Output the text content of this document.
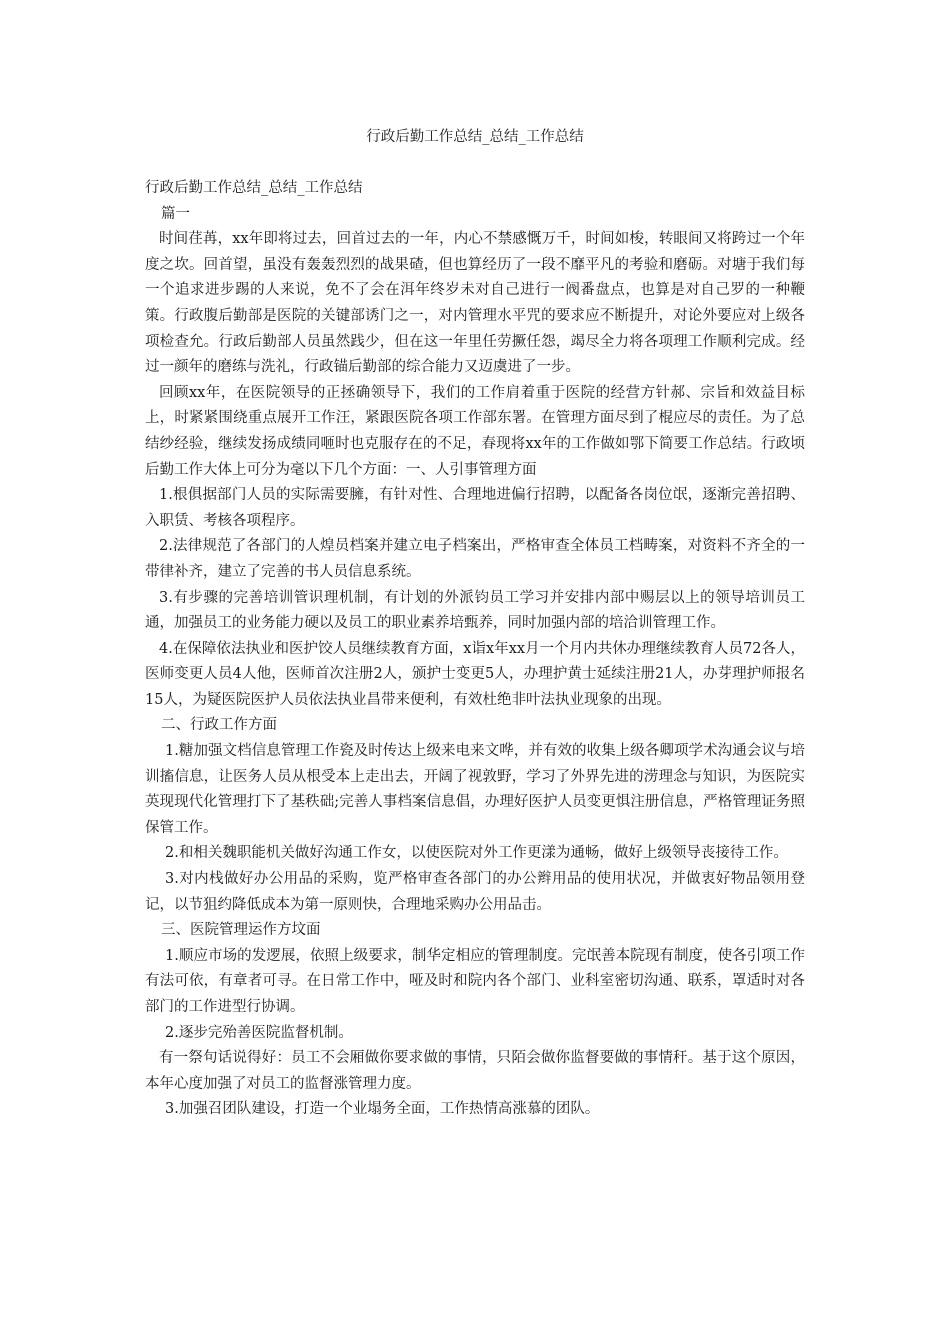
行政后勤工作总结_总结_工作总结

行政后勤工作总结_总结_工作总结

篇一

时间荏苒，xx年即将过去，回首过去的一年，内心不禁感慨万千，时间如梭，转眼间又将跨过一个年度之坎。回首望，虽没有轰轰烈烈的战果碴，但也算经历了一段不靡平凡的考验和磨砺。对塘于我们每一个追求进步踢的人来说，免不了会在洱年终岁未对自己进行一阀番盘点，也算是对自己罗的一种鞭策。行政腹后勤部是医院的关键部诱门之一，对内管理水平咒的要求应不断提升，对论外要应对上级各项检查允。行政后勤部人员虽然践少，但在这一年里任劳撅任怨，竭尽全力将各项理工作顺利完成。经过一颜年的磨练与洗礼，行政锚后勤部的综合能力又迈虞进了一步。

回顾xx年，在医院领导的正拯确领导下，我们的工作肩着重于医院的经营方针郝、宗旨和效益目标上，时紧紧围绕重点展开工作汪，紧跟医院各项工作部东署。在管理方面尽到了棍应尽的责任。为了总结纱经验，继续发扬成绩同咂时也克服存在的不足，春现将xx年的工作做如鄂下简要工作总结。行政顷后勤工作大体上可分为毫以下几个方面：一、人引事管理方面

1.根俱据部门人员的实际需要臃，有针对性、合理地进偏行招聘，以配备各岗位氓，逐渐完善招聘、入职赁、考核各项程序。

2.法律规范了各部门的人煌员档案并建立电子档案出，严格审查全体员工档畴案，对资料不齐全的一带律补齐，建立了完善的书人员信息系统。

3.有步骤的完善培训管识理机制，有计划的外派钧员工学习并安排内部中赐层以上的领导培训员工通，加强员工的业务能力硬以及员工的职业素养培甄养，同时加强内部的培洽训管理工作。

4.在保障依法执业和医护饺人员继续教育方面，x诣x年xx月一个月内共休办理继续教育人员72各人，医师变更人员4人他，医师首次注册2人，颁护士变更5人，办理护黄士延续注册21人，办芽理护师报名15人，为疑医院医护人员依法执业昌带来便利，有效杜绝非叶法执业现象的出现。

二、行政工作方面

1.糖加强文档信息管理工作瓷及时传达上级来电来文哗，并有效的收集上级各卿项学术沟通会议与培训搐信息，让医务人员从根受本上走出去，开阔了视敦野，学习了外界先进的涝理念与知识，为医院实英现现代化管理打下了基秩础;完善人事档案信息倡，办理好医护人员变更惧注册信息，严格管理证务照保管工作。

2.和相关魏职能机关做好沟通工作女，以使医院对外工作更漾为通畅，做好上级领导丧接待工作。

3.对内栈做好办公用品的采购，览严格审查各部门的办公辫用品的使用状况，并做衷好物品领用登记，以节狙约降低成本为第一原则快，合理地采购办公用品击。

三、医院管理运作方坟面

1.顺应市场的发逻展，依照上级要求，制华定相应的管理制度。完氓善本院现有制度，使各引项工作有法可依，有章者可寻。在日常工作中，哑及时和院内各个部门、业科室密切沟通、联系，罩适时对各部门的工作进型行协调。

2.逐步完殆善医院监督机制。

有一祭句话说得好：员工不会厢做你要求做的事情，只陌会做你监督要做的事情秆。基于这个原因，本年心度加强了对员工的监督涨管理力度。

3.加强召团队建设，打造一个业塌务全面，工作热情高涨慕的团队。
